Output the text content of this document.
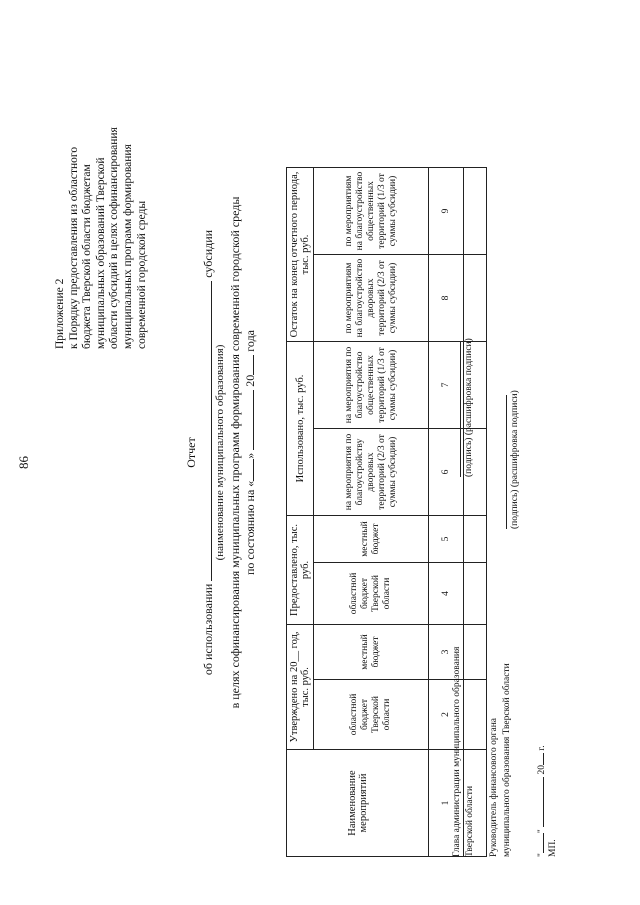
86
Приложение 2 к Порядку предоставления из областного бюджета Тверской области бюджетам муниципальных образований Тверской области субсидий в целях софинансирования муниципальных программ формирования современной городской среды
Отчет
об использовании  субсидии
(наименование муниципального образования) в целях софинансирования муниципальных программ формирования современной городской среды по состоянию на «»  20 года
Наименование мероприятий	Утверждено на 20__ год, тыс. руб.		Предоставлено, тыс. руб.		Использовано, тыс. руб.		Остаток на конец отчетного периода, тыс. руб.	
	областной бюджет Тверской области	местный бюджет	областной бюджет Тверской области	местный бюджет	на мероприятия по благоустройству дворовых территорий (2/3 от суммы субсидии)	на мероприятия по благоустройство общественных территорий (1/3 от суммы субсидии)	по мероприятиям на благоустройство дворовых территорий (2/3 от суммы субсидии)	по мероприятиям на благоустройство общественных территорий (1/3 от суммы субсидии)
1	2	3	4	5	6	7	8	9

Глава администрации муниципального образования Тверской области
(подпись) (расшифровка подписи)
Руководитель финансового органа муниципального образования Тверской области
(подпись) (расшифровка подписи)
""  20 г.
МП.
